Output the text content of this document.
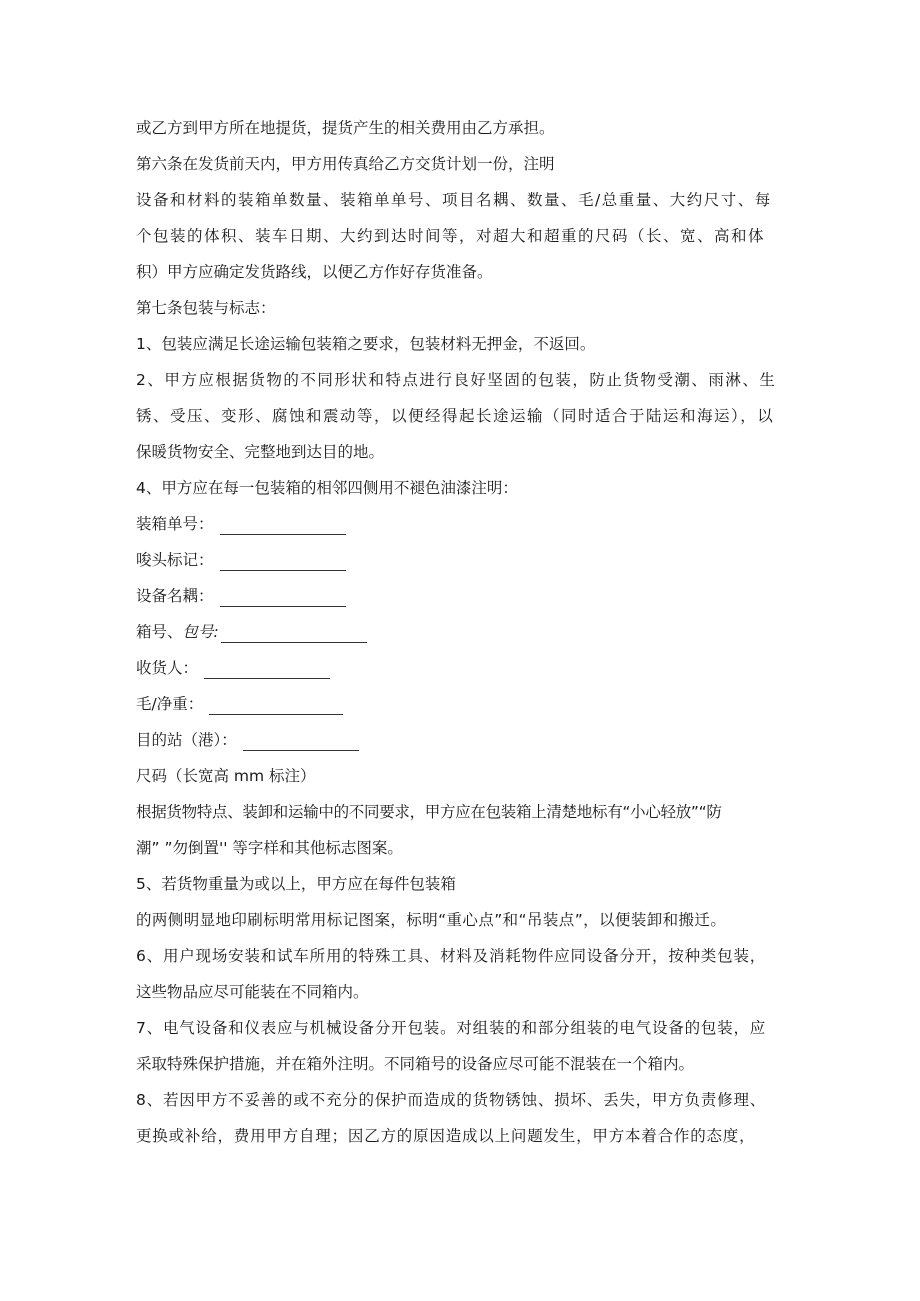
或乙方到甲方所在地提货，提货产生的相关费用由乙方承担。
第六条在发货前天内，甲方用传真给乙方交货计划一份，注明
设备和材料的装箱单数量、装箱单单号、项目名耦、数量、毛/总重量、大约尺寸、每
个包装的体积、装车日期、大约到达时间等，对超大和超重的尺码（长、宽、高和体
积）甲方应确定发货路线，以便乙方作好存货准备。
第七条包装与标志：
1、包装应满足长途运输包装箱之要求，包装材料无押金，不返回。
2、甲方应根据货物的不同形状和特点进行良好坚固的包装，防止货物受潮、雨淋、生
锈、受压、变形、腐蚀和震动等，以便经得起长途运输（同时适合于陆运和海运），以
保暖货物安全、完整地到达目的地。
4、甲方应在每一包装箱的相邻四侧用不褪色油漆注明：
装箱单号：
唆头标记：
设备名耦：
箱号、 包号:
收货人：
毛/净重：
目的站（港）：
尺码（长宽高 mm 标注）
根据货物特点、装卸和运输中的不同要求，甲方应在包装箱上清楚地标有“小心轻放”“防
潮” ”勿倒置'' 等字样和其他标志图案。
5、若货物重量为或以上，甲方应在每件包装箱
的两侧明显地印刷标明常用标记图案，标明“重心点”和“吊装点”，以便装卸和搬迁。
6、用户现场安装和试车所用的特殊工具、材料及消耗物件应同设备分开，按种类包装，
这些物品应尽可能装在不同箱内。
7、电气设备和仪表应与机械设备分开包装。对组装的和部分组装的电气设备的包装，应
采取特殊保护措施，并在箱外注明。不同箱号的设备应尽可能不混装在一个箱内。
8、若因甲方不妥善的或不充分的保护而造成的货物锈蚀、损坏、丢失，甲方负责修理、
更换或补给，费用甲方自理；因乙方的原因造成以上问题发生，甲方本着合作的态度，
